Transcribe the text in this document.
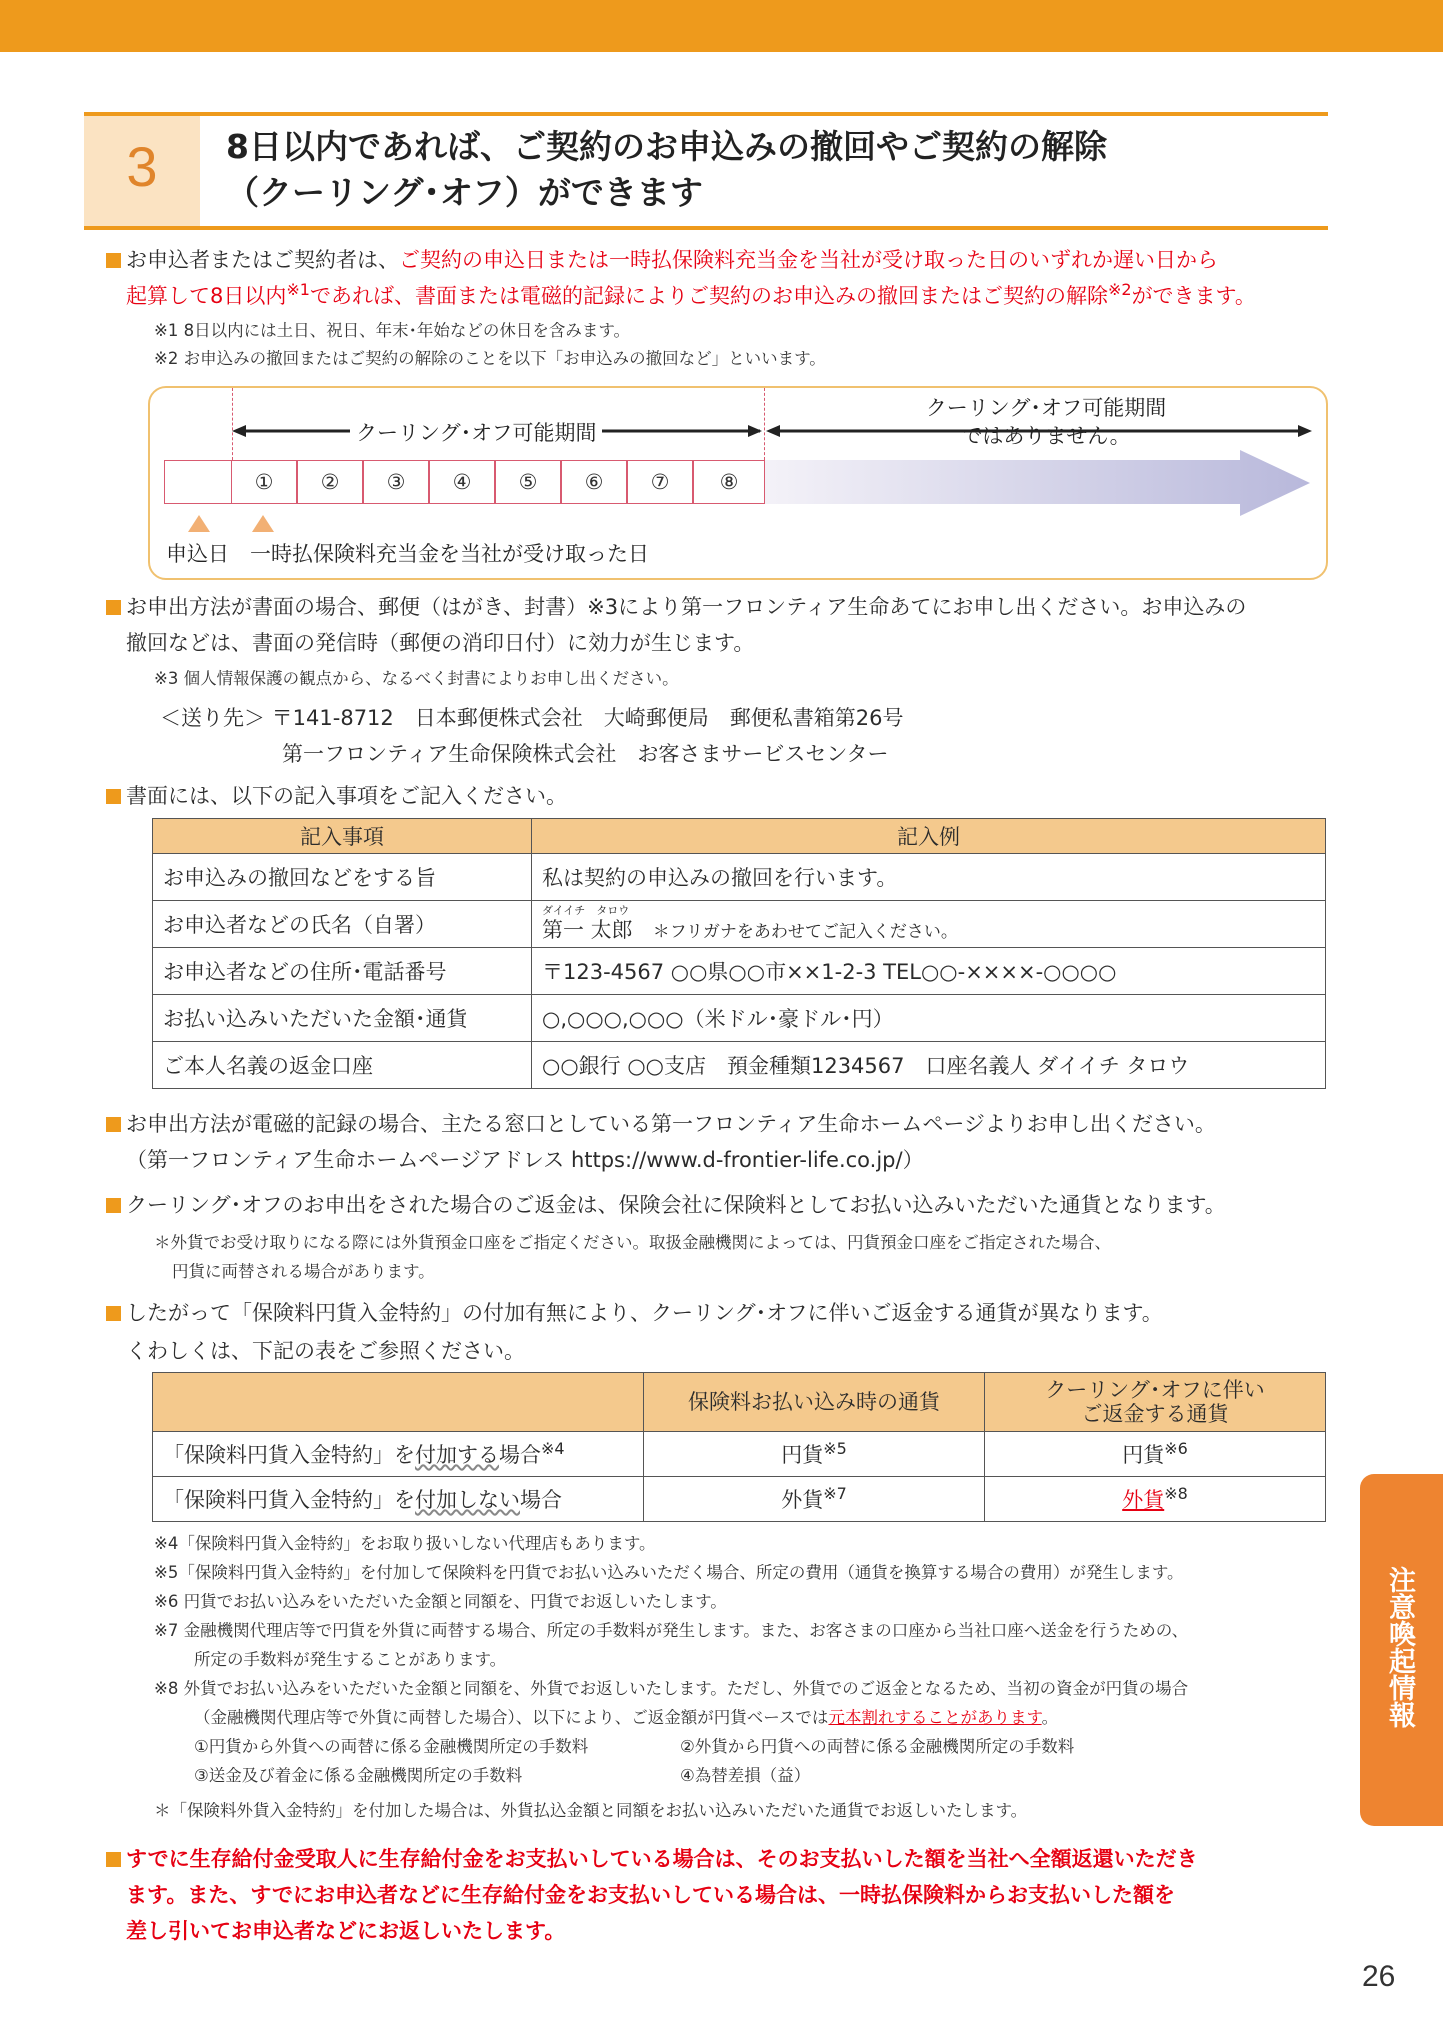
3	8日以内であれば、ご契約のお申込みの撤回やご契約の解除
（クーリング･オフ）ができます
お申込者またはご契約者は、ご契約の申込日または一時払保険料充当金を当社が受け取った日のいずれか遅い日から
起算して8日以内$^{※1}$であれば、書面または電磁的記録によりご契約のお申込みの撤回またはご契約の解除$^{※2}$ができます。
※1 8日以内には土日、祝日、年末･年始などの休日を含みます。
※2 お申込みの撤回またはご契約の解除のことを以下「お申込みの撤回など」といいます。
クーリング･オフ可能期間
クーリング･オフ可能期間
ではありません。
①	②	③	④	⑤	⑥	⑦	⑧
申込日 一時払保険料充当金を当社が受け取った日
お申出方法が書面の場合、郵便（はがき、封書）※3により第一フロンティア生命あてにお申し出ください。お申込みの
撤回などは、書面の発信時（郵便の消印日付）に効力が生じます。
※3 個人情報保護の観点から、なるべく封書によりお申し出ください。
＜送り先＞ 〒141-8712　日本郵便株式会社　大崎郵便局　郵便私書箱第26号
第一フロンティア生命保険株式会社　お客さまサービスセンター
書面には、以下の記入事項をご記入ください。
記入事項	記入例
お申込みの撤回などをする旨	私は契約の申込みの撤回を行います。
お申込者などの氏名（自署）	ダイイチ　タロウ
第一 太郎 ＊フリガナをあわせてご記入ください。

お申込者などの住所･電話番号	〒123-4567 ○○県○○市××1-2-3 TEL○○-××××-○○○○
お払い込みいただいた金額･通貨	○,○○○,○○○（米ドル･豪ドル･円）
ご本人名義の返金口座	○○銀行 ○○支店　預金種類1234567　口座名義人 ダイイチ タロウ
お申出方法が電磁的記録の場合、主たる窓口としている第一フロンティア生命ホームページよりお申し出ください。
（第一フロンティア生命ホームページアドレス https://www.d-frontier-life.co.jp/）
クーリング･オフのお申出をされた場合のご返金は、保険会社に保険料としてお払い込みいただいた通貨となります。
＊外貨でお受け取りになる際には外貨預金口座をご指定ください。取扱金融機関によっては、円貨預金口座をご指定された場合、
円貨に両替される場合があります。
したがって「保険料円貨入金特約」の付加有無により、クーリング･オフに伴いご返金する通貨が異なります。
くわしくは、下記の表をご参照ください。
	保険料お払い込み時の通貨	クーリング･オフに伴い
ご返金する通貨

「保険料円貨入金特約」を付加する場合$^{※4}$	円貨$^{※5}$	円貨$^{※6}$
「保険料円貨入金特約」を付加しない場合	外貨$^{※7}$	外貨$^{※8}$
※4「保険料円貨入金特約」をお取り扱いしない代理店もあります。
※5「保険料円貨入金特約」を付加して保険料を円貨でお払い込みいただく場合、所定の費用（通貨を換算する場合の費用）が発生します。
※6 円貨でお払い込みをいただいた金額と同額を、円貨でお返しいたします。
※7 金融機関代理店等で円貨を外貨に両替する場合、所定の手数料が発生します。また、お客さまの口座から当社口座へ送金を行うための、
所定の手数料が発生することがあります。
※8 外貨でお払い込みをいただいた金額と同額を、外貨でお返しいたします。ただし、外貨でのご返金となるため、当初の資金が円貨の場合
（金融機関代理店等で外貨に両替した場合）、以下により、ご返金額が円貨ベースでは元本割れすることがあります。
①円貨から外貨への両替に係る金融機関所定の手数料	②外貨から円貨への両替に係る金融機関所定の手数料
③送金及び着金に係る金融機関所定の手数料	④為替差損（益）
＊「保険料外貨入金特約」を付加した場合は、外貨払込金額と同額をお払い込みいただいた通貨でお返しいたします。
すでに生存給付金受取人に生存給付金をお支払いしている場合は、そのお支払いした額を当社へ全額返還いただき
ます。また、すでにお申込者などに生存給付金をお支払いしている場合は、一時払保険料からお支払いした額を
差し引いてお申込者などにお返しいたします。
注意喚起情報
26
